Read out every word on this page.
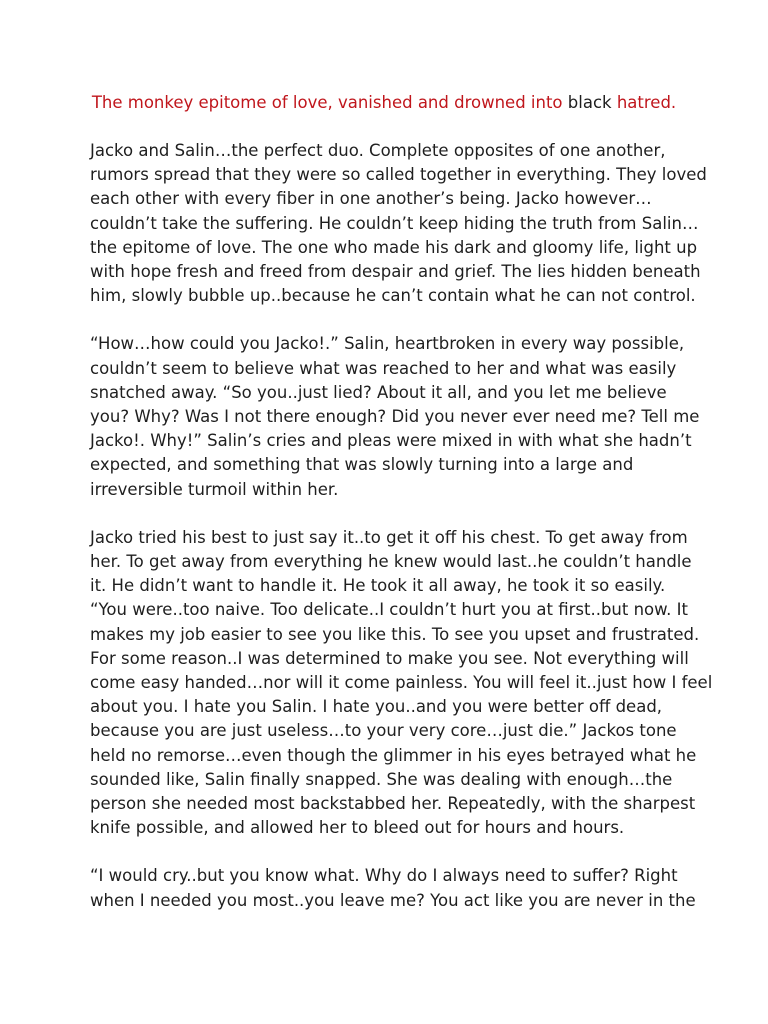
The monkey epitome of love, vanished and drowned into black hatred.
Jacko and Salin…the perfect duo. Complete opposites of one another,
rumors spread that they were so called together in everything. They loved
each other with every fiber in one another’s being. Jacko however…
couldn’t take the suffering. He couldn’t keep hiding the truth from Salin…
the epitome of love. The one who made his dark and gloomy life, light up
with hope fresh and freed from despair and grief. The lies hidden beneath
him, slowly bubble up..because he can’t contain what he can not control.
“How…how could you Jacko!.” Salin, heartbroken in every way possible,
couldn’t seem to believe what was reached to her and what was easily
snatched away. “So you..just lied? About it all, and you let me believe
you? Why? Was I not there enough? Did you never ever need me? Tell me
Jacko!. Why!” Salin’s cries and pleas were mixed in with what she hadn’t
expected, and something that was slowly turning into a large and
irreversible turmoil within her.
Jacko tried his best to just say it..to get it off his chest. To get away from
her. To get away from everything he knew would last..he couldn’t handle
it. He didn’t want to handle it. He took it all away, he took it so easily.
“You were..too naive. Too delicate..I couldn’t hurt you at first..but now. It
makes my job easier to see you like this. To see you upset and frustrated.
For some reason..I was determined to make you see. Not everything will
come easy handed…nor will it come painless. You will feel it..just how I feel
about you. I hate you Salin. I hate you..and you were better off dead,
because you are just useless…to your very core…just die.” Jackos tone
held no remorse…even though the glimmer in his eyes betrayed what he
sounded like, Salin finally snapped. She was dealing with enough…the
person she needed most backstabbed her. Repeatedly, with the sharpest
knife possible, and allowed her to bleed out for hours and hours.
“I would cry..but you know what. Why do I always need to suffer? Right
when I needed you most..you leave me? You act like you are never in the
